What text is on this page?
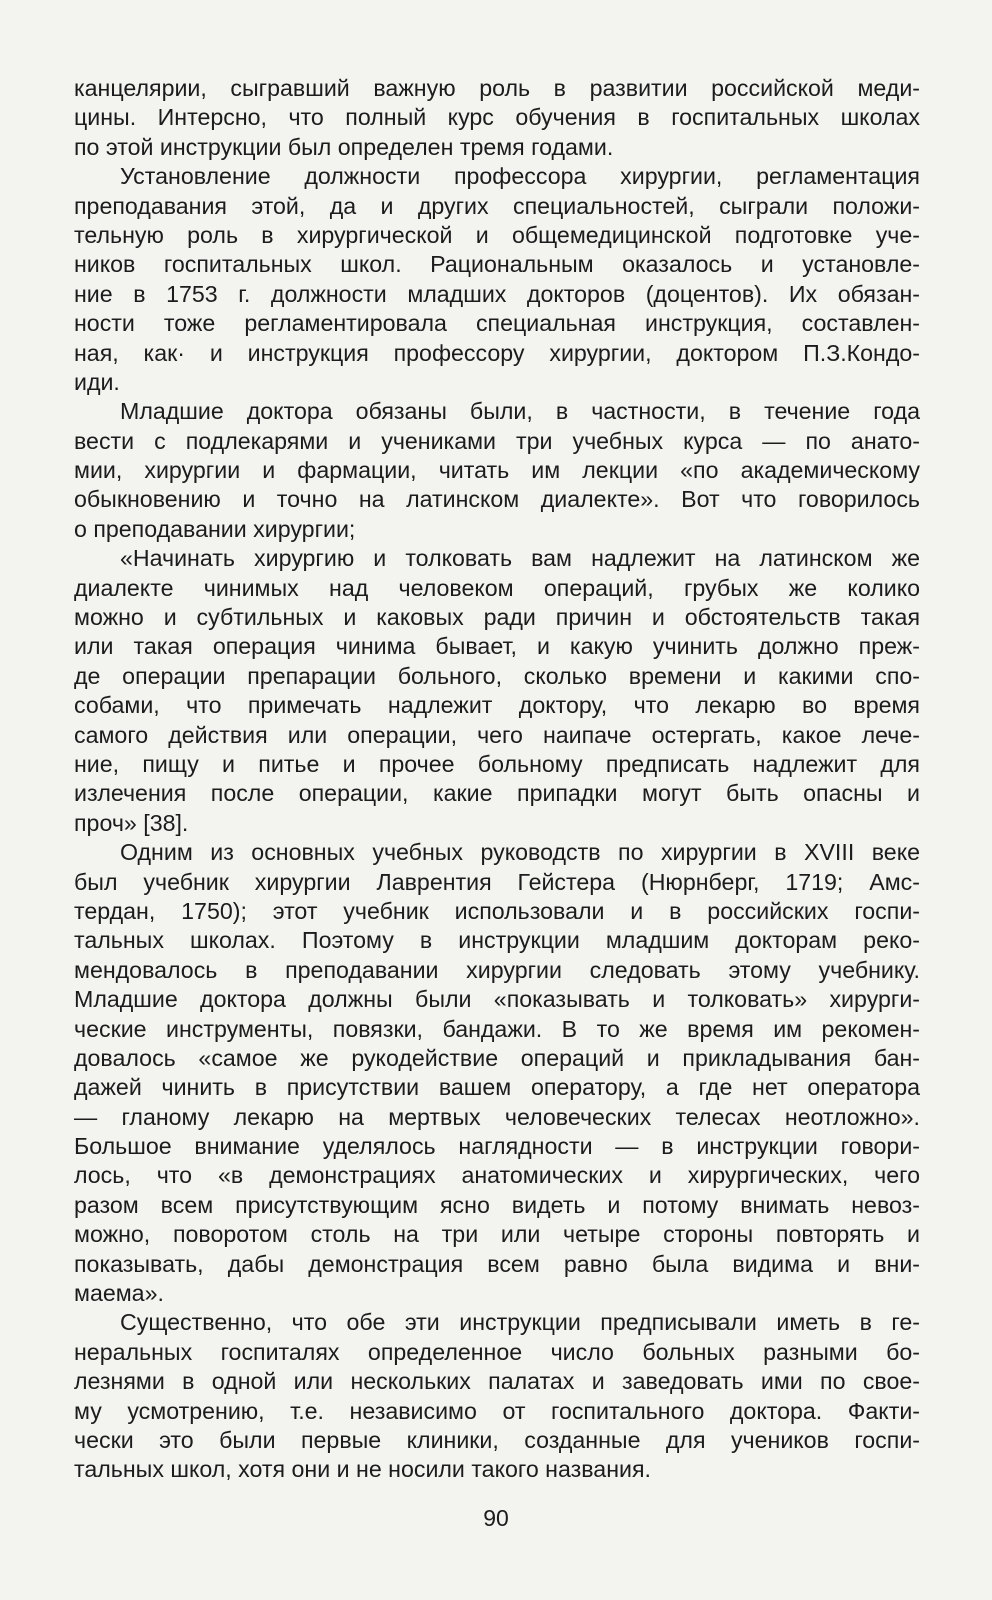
канцелярии, сыгравший важную роль в развитии российской меди-
цины. Интерсно, что полный курс обучения в госпитальных школах
по этой инструкции был определен тремя годами.
Установление должности профессора хирургии, регламентация
преподавания этой, да и других специальностей, сыграли положи-
тельную роль в хирургической и общемедицинской подготовке уче-
ников госпитальных школ. Рациональным оказалось и установле-
ние в 1753 г. должности младших докторов (доцентов). Их обязан-
ности тоже регламентировала специальная инструкция, составлен-
ная, как· и инструкция профессору хирургии, доктором П.З.Кондо-
иди.
Младшие доктора обязаны были, в частности, в течение года
вести с подлекарями и учениками три учебных курса — по анато-
мии, хирургии и фармации, читать им лекции «по академическому
обыкновению и точно на латинском диалекте». Вот что говорилось
о преподавании хирургии;
«Начинать хирургию и толковать вам надлежит на латинском же
диалекте чинимых над человеком операций, грубых же колико
можно и субтильных и каковых ради причин и обстоятельств такая
или такая операция чинима бывает, и какую учинить должно преж-
де операции препарации больного, сколько времени и какими спо-
собами, что примечать надлежит доктору, что лекарю во время
самого действия или операции, чего наипаче остергать, какое лече-
ние, пищу и питье и прочее больному предписать надлежит для
излечения после операции, какие припадки могут быть опасны и
проч» [38].
Одним из основных учебных руководств по хирургии в XVIII веке
был учебник хирургии Лаврентия Гейстера (Нюрнберг, 1719; Амс-
тердан, 1750); этот учебник использовали и в российских госпи-
тальных школах. Поэтому в инструкции младшим докторам реко-
мендовалось в преподавании хирургии следовать этому учебнику.
Младшие доктора должны были «показывать и толковать» хирурги-
ческие инструменты, повязки, бандажи. В то же время им рекомен-
довалось «самое же рукодействие операций и прикладывания бан-
дажей чинить в присутствии вашем оператору, а где нет оператора
— гланому лекарю на мертвых человеческих телесах неотложно».
Большое внимание уделялось наглядности — в инструкции говори-
лось, что «в демонстрациях анатомических и хирургических, чего
разом всем присутствующим ясно видеть и потому внимать невоз-
можно, поворотом столь на три или четыре стороны повторять и
показывать, дабы демонстрация всем равно была видима и вни-
маема».
Существенно, что обе эти инструкции предписывали иметь в ге-
неральных госпиталях определенное число больных разными бо-
лезнями в одной или нескольких палатах и заведовать ими по свое-
му усмотрению, т.е. независимо от госпитального доктора. Факти-
чески это были первые клиники, созданные для учеников госпи-
тальных школ, хотя они и не носили такого названия.
90
